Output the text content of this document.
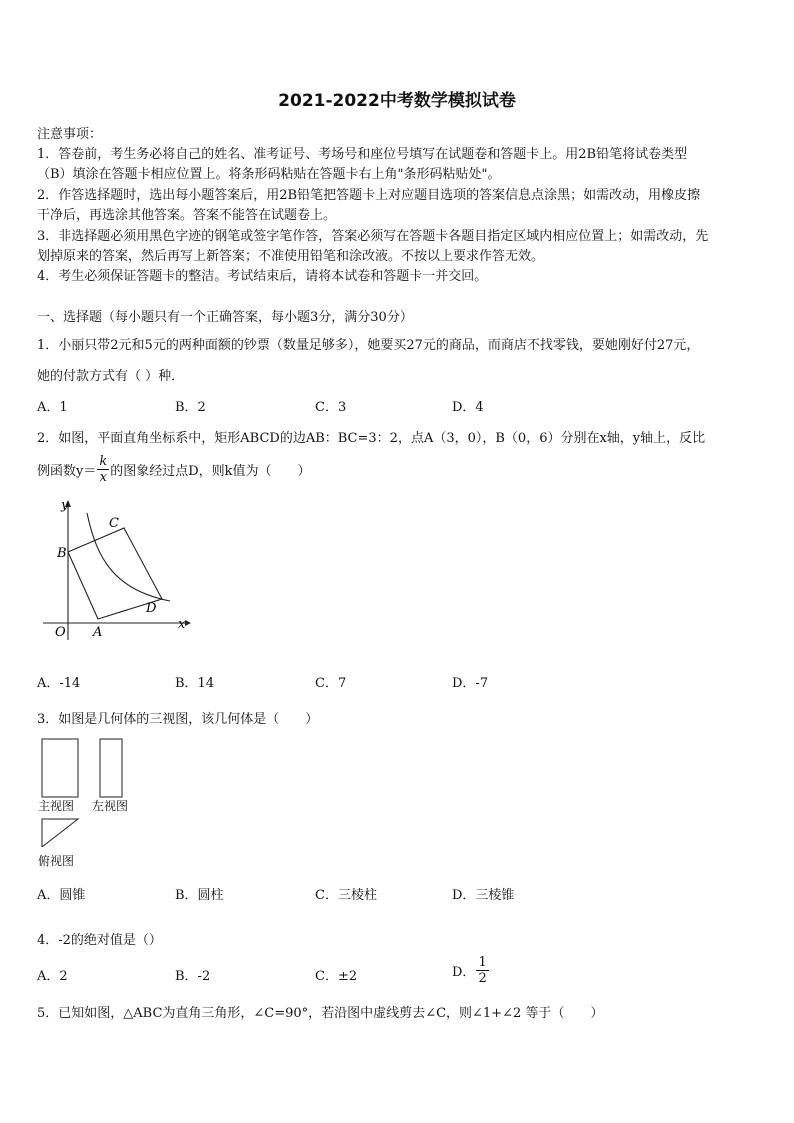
2021-2022中考数学模拟试卷
注意事项：
1．答卷前，考生务必将自己的姓名、准考证号、考场号和座位号填写在试题卷和答题卡上。用2B铅笔将试卷类型
（B）填涂在答题卡相应位置上。将条形码粘贴在答题卡右上角"条形码粘贴处"。
2．作答选择题时，选出每小题答案后，用2B铅笔把答题卡上对应题目选项的答案信息点涂黑；如需改动，用橡皮擦
干净后，再选涂其他答案。答案不能答在试题卷上。
3．非选择题必须用黑色字迹的钢笔或签字笔作答，答案必须写在答题卡各题目指定区域内相应位置上；如需改动，先
划掉原来的答案，然后再写上新答案；不准使用铅笔和涂改液。不按以上要求作答无效。
4．考生必须保证答题卡的整洁。考试结束后，请将本试卷和答题卡一并交回。
一、选择题（每小题只有一个正确答案，每小题3分，满分30分）
1．小丽只带2元和5元的两种面额的钞票（数量足够多），她要买27元的商品，而商店不找零钱，要她刚好付27元，
她的付款方式有（ ）种．
A．1	B．2	C．3	D．4
2．如图，平面直角坐标系中，矩形ABCD的边AB：BC=3：2，点A（3，0），B（0，6）分别在x轴，y轴上，反比
例函数$y= \frac{k}{x}$ 的图象经过点D，则k值为（　　）
y
x
O A
B
C
D
A．-14	B．14	C．7	D．-7
3．如图是几何体的三视图，该几何体是（　　）
主视图 左视图
俯视图
A．圆锥	B．圆柱	C．三棱柱	D．三棱锥
4．-2的绝对值是（）
A．2	B．-2	C．±2	D． $\frac{1}{2}$
5．已知如图，△ABC为直角三角形，∠C=90°，若沿图中虚线剪去∠C，则∠1+∠2 等于（　　）
